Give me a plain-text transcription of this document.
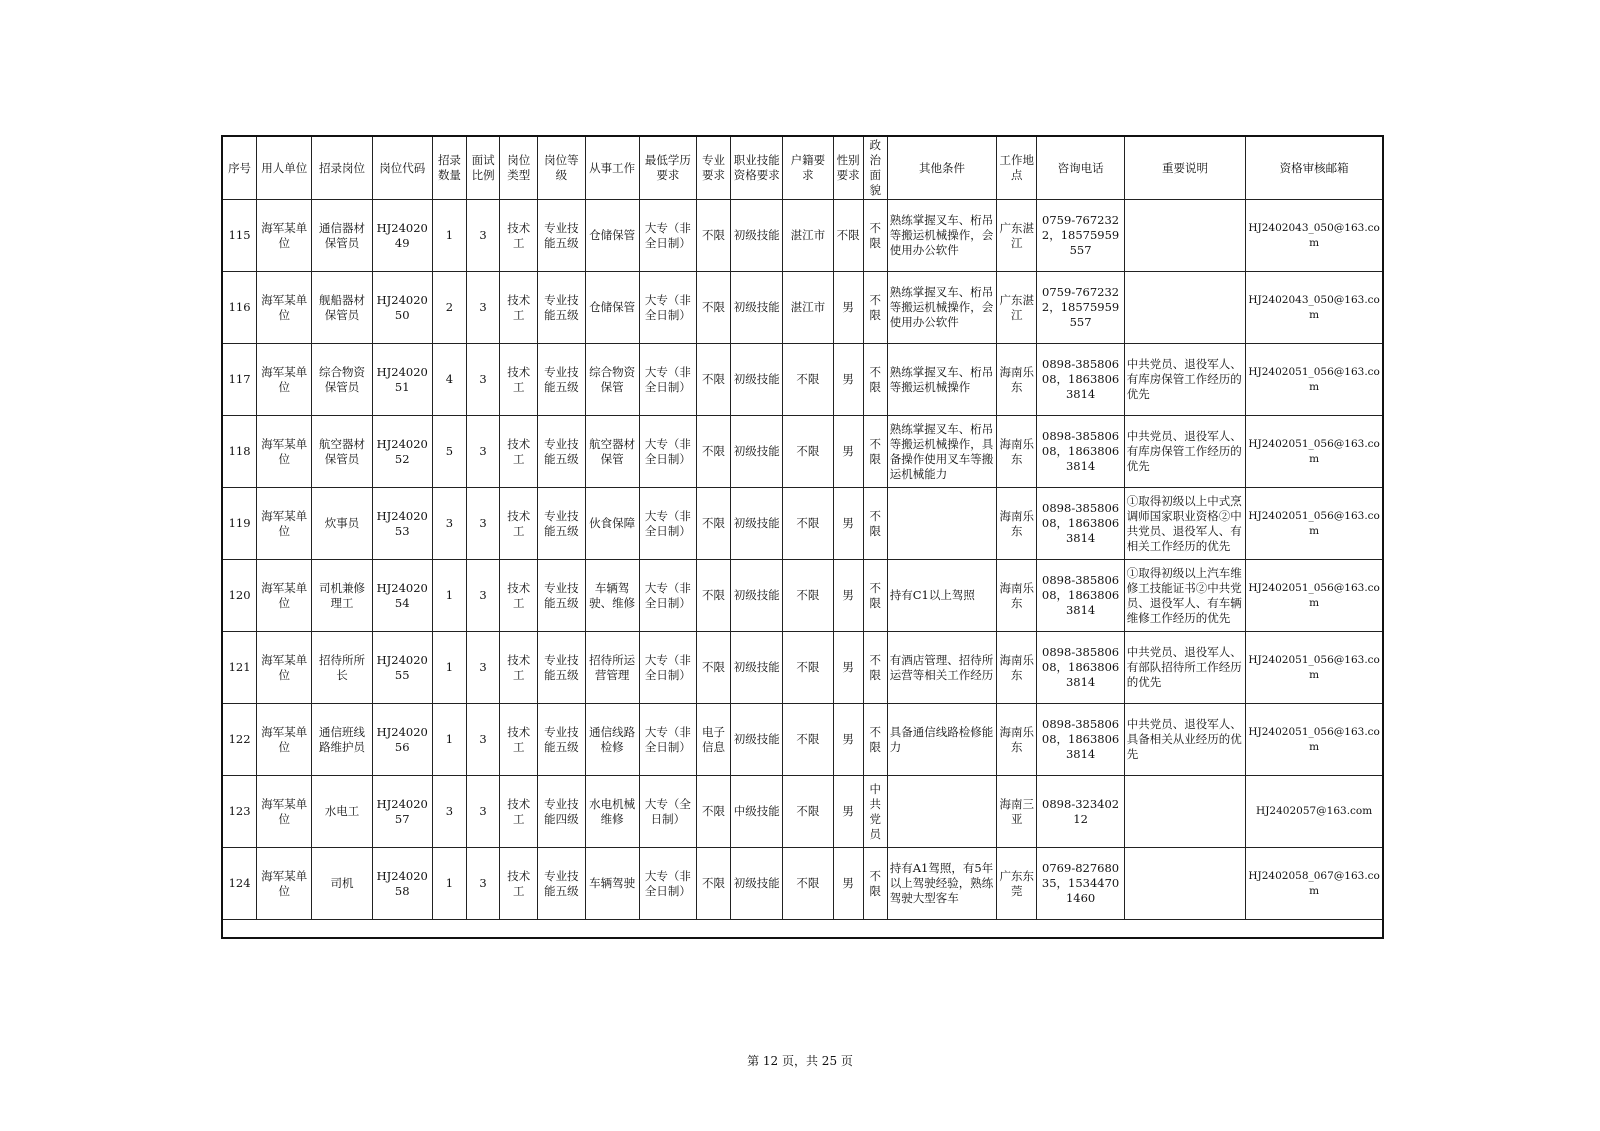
序号	用人单位	招录岗位	岗位代码	招录数量	面试比例	岗位类型	岗位等级	从事工作	最低学历要求	专业要求	职业技能资格要求	户籍要求	性别要求	政治面貌	其他条件	工作地点	咨询电话	重要说明	资格审核邮箱
115	海军某单位	通信器材保管员	HJ2402049	1	3	技术工	专业技能五级	仓储保管	大专（非全日制）	不限	初级技能	湛江市	不限	不限	熟练掌握叉车、桁吊等搬运机械操作，会使用办公软件	广东湛江	0759-7672322，18575959557		HJ2402043_050@163.com
116	海军某单位	舰船器材保管员	HJ2402050	2	3	技术工	专业技能五级	仓储保管	大专（非全日制）	不限	初级技能	湛江市	男	不限	熟练掌握叉车、桁吊等搬运机械操作，会使用办公软件	广东湛江	0759-7672322，18575959557		HJ2402043_050@163.com
117	海军某单位	综合物资保管员	HJ2402051	4	3	技术工	专业技能五级	综合物资保管	大专（非全日制）	不限	初级技能	不限	男	不限	熟练掌握叉车、桁吊等搬运机械操作	海南乐东	0898-38580608，18638063814	中共党员、退役军人、有库房保管工作经历的优先	HJ2402051_056@163.com
118	海军某单位	航空器材保管员	HJ2402052	5	3	技术工	专业技能五级	航空器材保管	大专（非全日制）	不限	初级技能	不限	男	不限	熟练掌握叉车、桁吊等搬运机械操作，具备操作使用叉车等搬运机械能力	海南乐东	0898-38580608，18638063814	中共党员、退役军人、有库房保管工作经历的优先	HJ2402051_056@163.com
119	海军某单位	炊事员	HJ2402053	3	3	技术工	专业技能五级	伙食保障	大专（非全日制）	不限	初级技能	不限	男	不限		海南乐东	0898-38580608，18638063814	①取得初级以上中式烹调师国家职业资格②中共党员、退役军人、有相关工作经历的优先	HJ2402051_056@163.com
120	海军某单位	司机兼修理工	HJ2402054	1	3	技术工	专业技能五级	车辆驾驶、维修	大专（非全日制）	不限	初级技能	不限	男	不限	持有C1以上驾照	海南乐东	0898-38580608，18638063814	①取得初级以上汽车维修工技能证书②中共党员、退役军人、有车辆维修工作经历的优先	HJ2402051_056@163.com
121	海军某单位	招待所所长	HJ2402055	1	3	技术工	专业技能五级	招待所运营管理	大专（非全日制）	不限	初级技能	不限	男	不限	有酒店管理、招待所运营等相关工作经历	海南乐东	0898-38580608，18638063814	中共党员、退役军人、有部队招待所工作经历的优先	HJ2402051_056@163.com
122	海军某单位	通信班线路维护员	HJ2402056	1	3	技术工	专业技能五级	通信线路检修	大专（非全日制）	电子信息	初级技能	不限	男	不限	具备通信线路检修能力	海南乐东	0898-38580608，18638063814	中共党员、退役军人、具备相关从业经历的优先	HJ2402051_056@163.com
123	海军某单位	水电工	HJ2402057	3	3	技术工	专业技能四级	水电机械维修	大专（全日制）	不限	中级技能	不限	男	中共党员		海南三亚	0898-32340212		HJ2402057@163.com
124	海军某单位	司机	HJ2402058	1	3	技术工	专业技能五级	车辆驾驶	大专（非全日制）	不限	初级技能	不限	男	不限	持有A1驾照，有5年以上驾驶经验，熟练驾驶大型客车	广东东莞	0769-82768035，15344701460		HJ2402058_067@163.com
第 12 页，共 25 页
